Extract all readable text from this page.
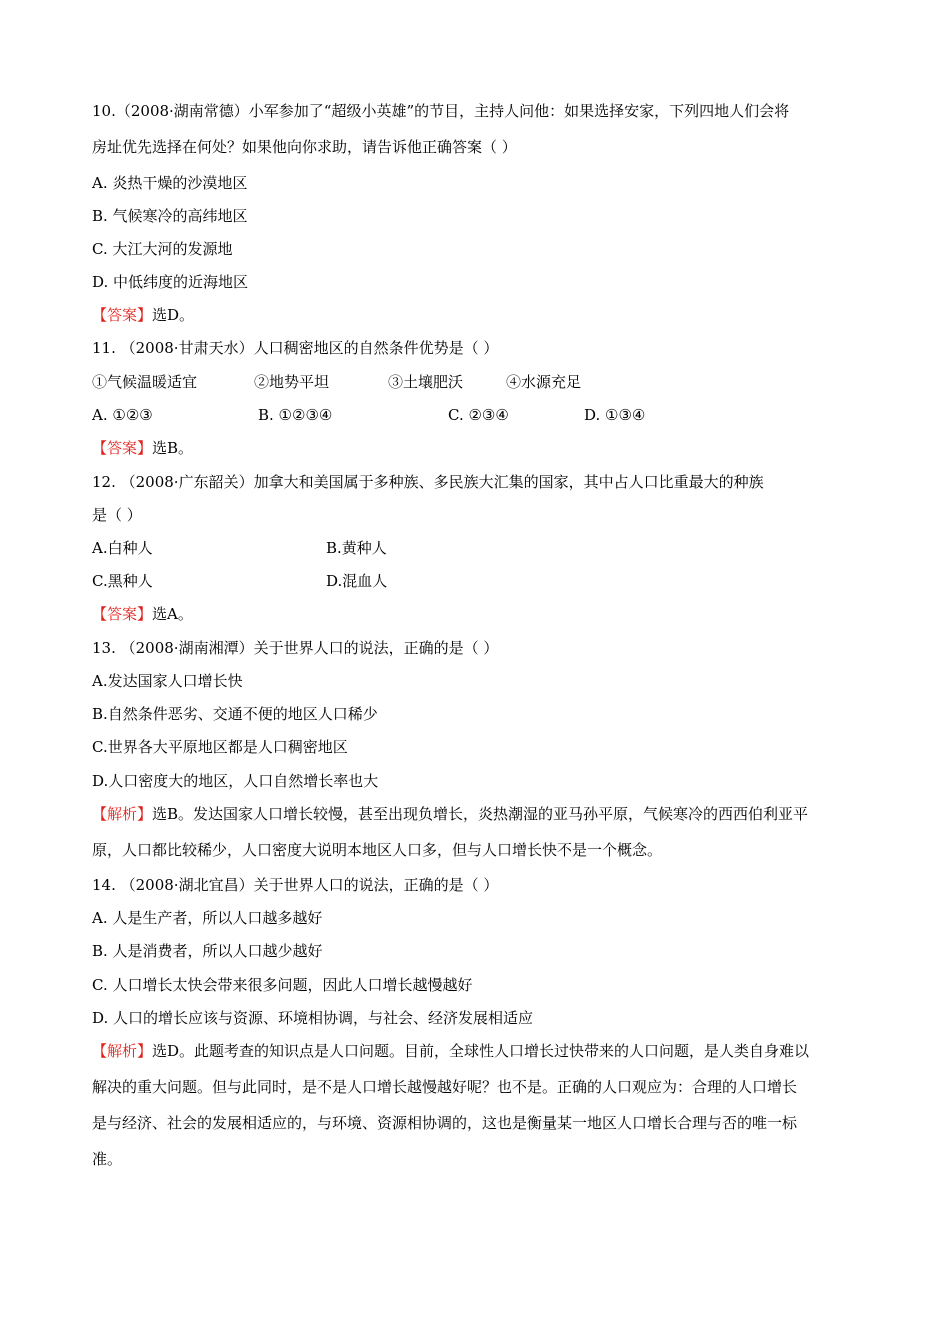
10.（2008·湖南常德）小军参加了“超级小英雄”的节目，主持人问他：如果选择安家，下列四地人们会将
房址优先选择在何处？如果他向你求助，请告诉他正确答案（ ）
A. 炎热干燥的沙漠地区
B. 气候寒冷的高纬地区
C. 大江大河的发源地
D. 中低纬度的近海地区
【答案】选D。
11. （2008·甘肃天水）人口稠密地区的自然条件优势是（ ）
①气候温暖适宜	②地势平坦	③土壤肥沃	④水源充足
A. ①②③	B. ①②③④	C. ②③④	D. ①③④
【答案】选B。
12. （2008·广东韶关）加拿大和美国属于多种族、多民族大汇集的国家，其中占人口比重最大的种族
是（ ）
A.白种人	B.黄种人
C.黑种人	D.混血人
【答案】选A。
13. （2008·湖南湘潭）关于世界人口的说法，正确的是（ ）
A.发达国家人口增长快
B.自然条件恶劣、交通不便的地区人口稀少
C.世界各大平原地区都是人口稠密地区
D.人口密度大的地区，人口自然增长率也大
【解析】选B。发达国家人口增长较慢，甚至出现负增长，炎热潮湿的亚马孙平原，气候寒冷的西西伯利亚平
原，人口都比较稀少，人口密度大说明本地区人口多，但与人口增长快不是一个概念。
14. （2008·湖北宜昌）关于世界人口的说法，正确的是（ ）
A. 人是生产者，所以人口越多越好
B. 人是消费者，所以人口越少越好
C. 人口增长太快会带来很多问题，因此人口增长越慢越好
D. 人口的增长应该与资源、环境相协调，与社会、经济发展相适应
【解析】选D。此题考查的知识点是人口问题。目前，全球性人口增长过快带来的人口问题，是人类自身难以
解决的重大问题。但与此同时，是不是人口增长越慢越好呢？也不是。正确的人口观应为：合理的人口增长
是与经济、社会的发展相适应的，与环境、资源相协调的，这也是衡量某一地区人口增长合理与否的唯一标
准。
